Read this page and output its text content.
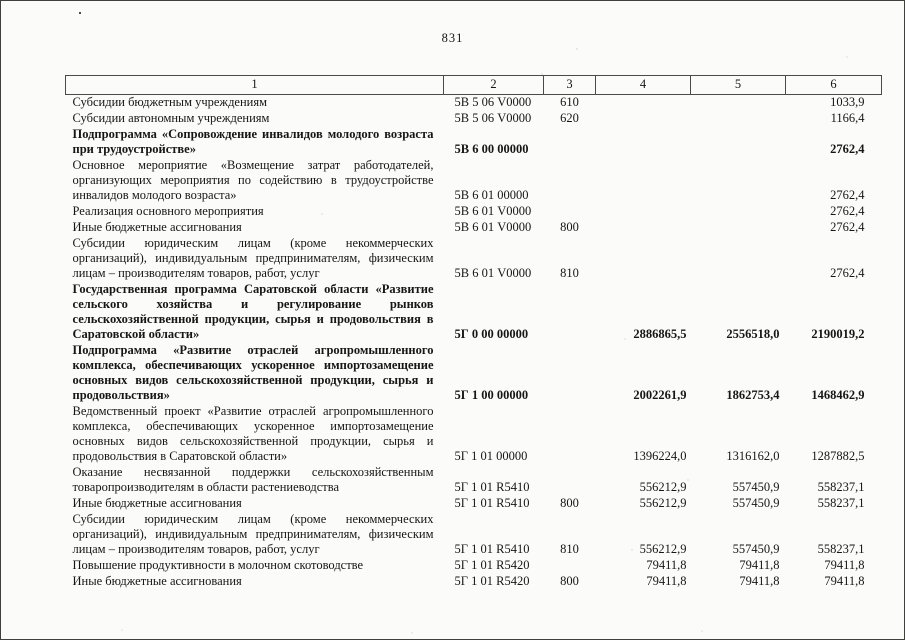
831
1	2	3	4	5	6
Субсидии бюджетным учреждениям	5В 5 06 V0000	610			1033,9
Субсидии автономным учреждениям	5В 5 06 V0000	620			1166,4
Подпрограмма «Сопровождение инвалидов молодого возраста при трудоустройстве»	5В 6 00 00000				2762,4
Основное мероприятие «Возмещение затрат работодателей, организующих мероприятия по содействию в трудоустройстве инвалидов молодого возраста»	5В 6 01 00000				2762,4
Реализация основного мероприятия	5В 6 01 V0000				2762,4
Иные бюджетные ассигнования	5В 6 01 V0000	800			2762,4
Субсидии юридическим лицам (кроме некоммерческих организаций), индивидуальным предпринимателям, физическим лицам – производителям товаров, работ, услуг	5В 6 01 V0000	810			2762,4
Государственная программа Саратовской области «Развитие сельского хозяйства и регулирование рынков сельскохозяйственной продукции, сырья и продовольствия в Саратовской области»	5Г 0 00 00000		2886865,5	2556518,0	2190019,2
Подпрограмма «Развитие отраслей агропромышленного комплекса, обеспечивающих ускоренное импортозамещение основных видов сельскохозяйственной продукции, сырья и продовольствия»	5Г 1 00 00000		2002261,9	1862753,4	1468462,9
Ведомственный проект «Развитие отраслей агропромышленного комплекса, обеспечивающих ускоренное импортозамещение основных видов сельскохозяйственной продукции, сырья и продовольствия в Саратовской области»	5Г 1 01 00000		1396224,0	1316162,0	1287882,5
Оказание несвязанной поддержки сельскохозяйственным товаропроизводителям в области растениеводства	5Г 1 01 R5410		556212,9	557450,9	558237,1
Иные бюджетные ассигнования	5Г 1 01 R5410	800	556212,9	557450,9	558237,1
Субсидии юридическим лицам (кроме некоммерческих организаций), индивидуальным предпринимателям, физическим лицам – производителям товаров, работ, услуг	5Г 1 01 R5410	810	556212,9	557450,9	558237,1
Повышение продуктивности в молочном скотоводстве	5Г 1 01 R5420		79411,8	79411,8	79411,8
Иные бюджетные ассигнования	5Г 1 01 R5420	800	79411,8	79411,8	79411,8
